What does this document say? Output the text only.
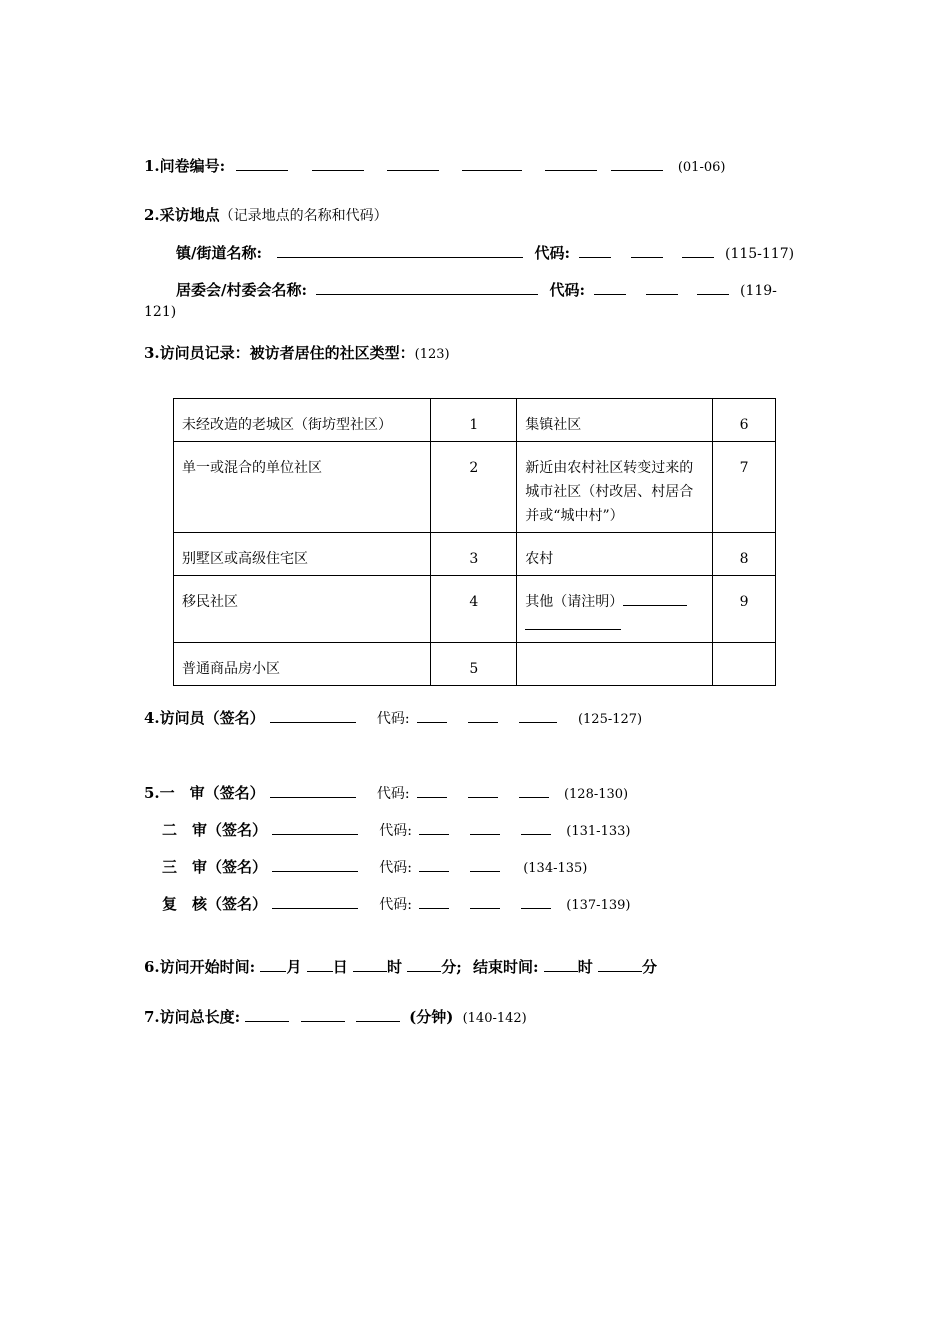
1.问卷编号:	(01-06)
2.采访地点（记录地点的名称和代码）
镇/街道名称:	代码:	(115-117)
居委会/村委会名称:	代码:	(119-
121)
3.访问员记录：被访者居住的社区类型：(123)
未经改造的老城区（街坊型社区）	1	集镇社区	6
单一或混合的单位社区	2	新近由农村社区转变过来的城市社区（村改居、村居合并或“城中村”）	7
别墅区或高级住宅区	3	农村	8
移民社区	4	其他（请注明）	9
普通商品房小区	5		
4.访问员（签名）	代码:	(125-127)
5.一　审（签名）	代码:	(128-130)
二　审（签名）	代码:	(131-133)
三　审（签名）	代码:	(134-135)
复　核（签名）	代码:	(137-139)
6.访问开始时间: 月 日	时	分; 结束时间:	时	分
7.访问总长度:	(分钟) (140-142)
